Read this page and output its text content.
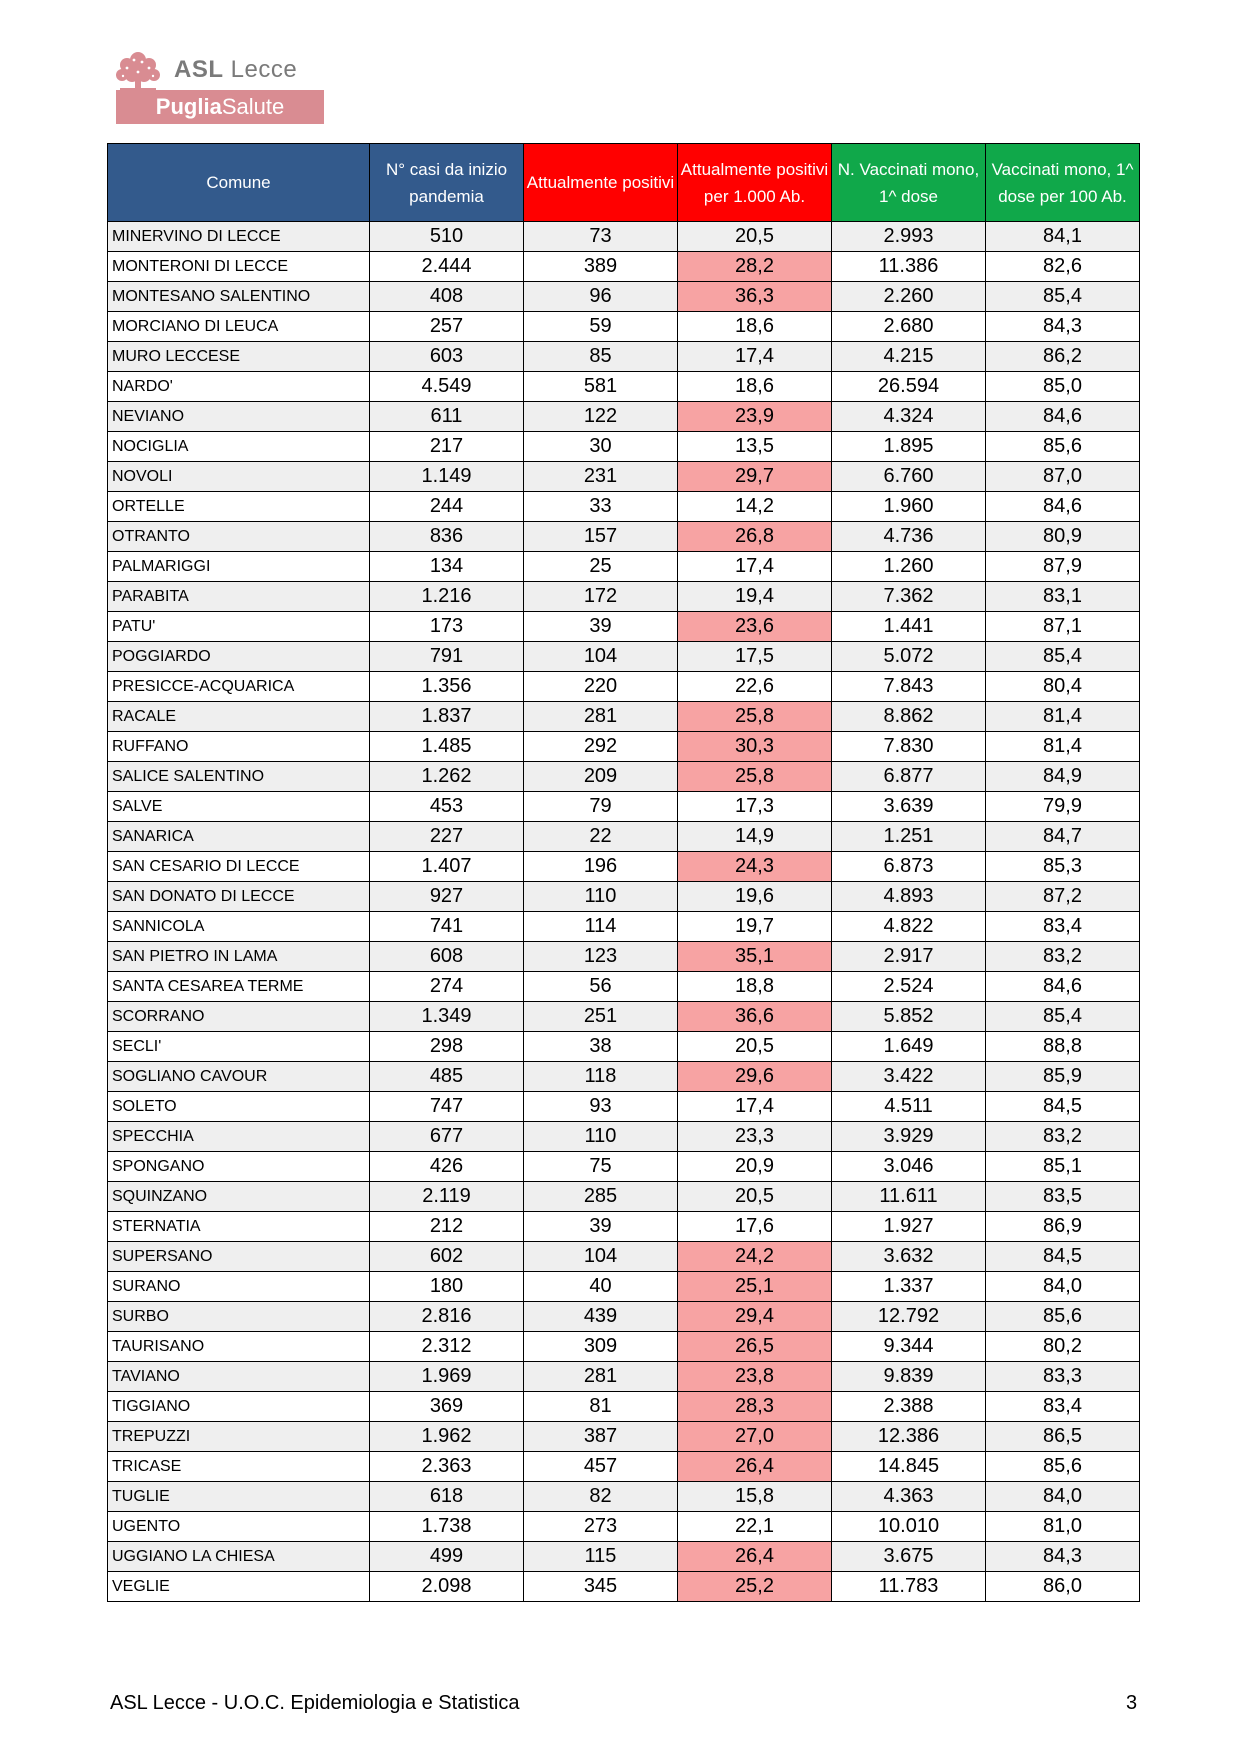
ASL Lecce
PugliaSalute
Comune	N° casi da inizio pandemia	Attualmente positivi	Attualmente positivi per 1.000 Ab.	N. Vaccinati mono, 1^ dose	Vaccinati mono, 1^ dose per 100 Ab.
MINERVINO DI LECCE	510	73	20,5	2.993	84,1
MONTERONI DI LECCE	2.444	389	28,2	11.386	82,6
MONTESANO SALENTINO	408	96	36,3	2.260	85,4
MORCIANO DI LEUCA	257	59	18,6	2.680	84,3
MURO LECCESE	603	85	17,4	4.215	86,2
NARDO'	4.549	581	18,6	26.594	85,0
NEVIANO	611	122	23,9	4.324	84,6
NOCIGLIA	217	30	13,5	1.895	85,6
NOVOLI	1.149	231	29,7	6.760	87,0
ORTELLE	244	33	14,2	1.960	84,6
OTRANTO	836	157	26,8	4.736	80,9
PALMARIGGI	134	25	17,4	1.260	87,9
PARABITA	1.216	172	19,4	7.362	83,1
PATU'	173	39	23,6	1.441	87,1
POGGIARDO	791	104	17,5	5.072	85,4
PRESICCE-ACQUARICA	1.356	220	22,6	7.843	80,4
RACALE	1.837	281	25,8	8.862	81,4
RUFFANO	1.485	292	30,3	7.830	81,4
SALICE SALENTINO	1.262	209	25,8	6.877	84,9
SALVE	453	79	17,3	3.639	79,9
SANARICA	227	22	14,9	1.251	84,7
SAN CESARIO DI LECCE	1.407	196	24,3	6.873	85,3
SAN DONATO DI LECCE	927	110	19,6	4.893	87,2
SANNICOLA	741	114	19,7	4.822	83,4
SAN PIETRO IN LAMA	608	123	35,1	2.917	83,2
SANTA CESAREA TERME	274	56	18,8	2.524	84,6
SCORRANO	1.349	251	36,6	5.852	85,4
SECLI'	298	38	20,5	1.649	88,8
SOGLIANO CAVOUR	485	118	29,6	3.422	85,9
SOLETO	747	93	17,4	4.511	84,5
SPECCHIA	677	110	23,3	3.929	83,2
SPONGANO	426	75	20,9	3.046	85,1
SQUINZANO	2.119	285	20,5	11.611	83,5
STERNATIA	212	39	17,6	1.927	86,9
SUPERSANO	602	104	24,2	3.632	84,5
SURANO	180	40	25,1	1.337	84,0
SURBO	2.816	439	29,4	12.792	85,6
TAURISANO	2.312	309	26,5	9.344	80,2
TAVIANO	1.969	281	23,8	9.839	83,3
TIGGIANO	369	81	28,3	2.388	83,4
TREPUZZI	1.962	387	27,0	12.386	86,5
TRICASE	2.363	457	26,4	14.845	85,6
TUGLIE	618	82	15,8	4.363	84,0
UGENTO	1.738	273	22,1	10.010	81,0
UGGIANO LA CHIESA	499	115	26,4	3.675	84,3
VEGLIE	2.098	345	25,2	11.783	86,0
ASL Lecce - U.O.C. Epidemiologia e Statistica	3
